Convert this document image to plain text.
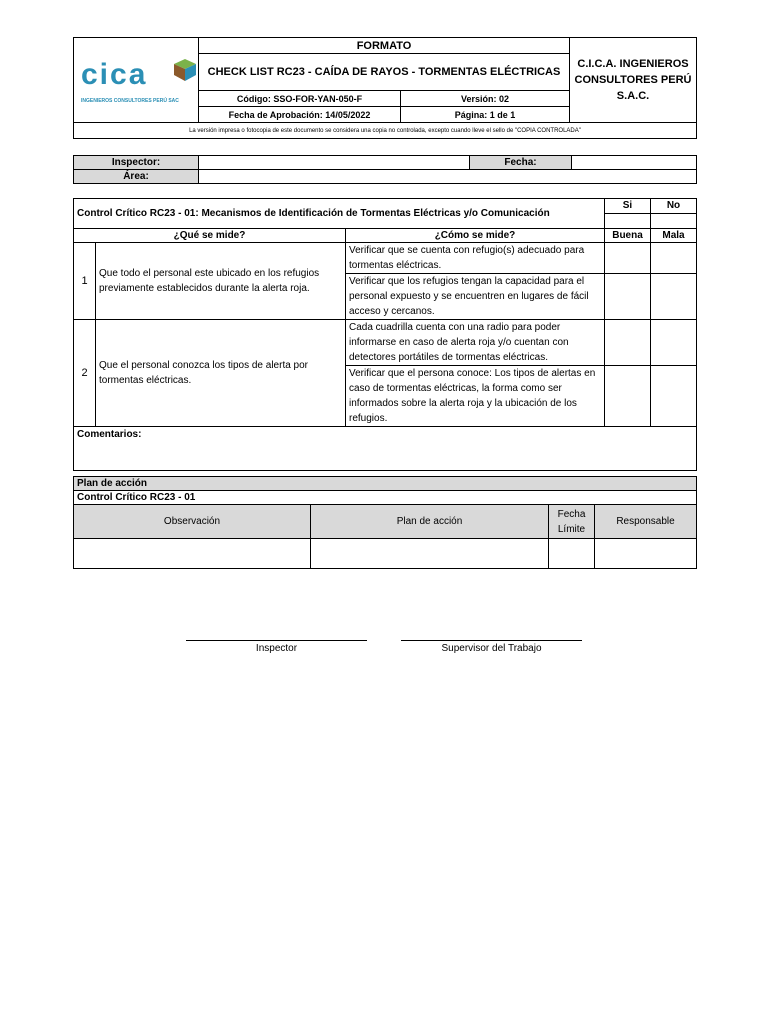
cica
INGENIEROS CONSULTORES PERÚ SAC	FORMATO		C.I.C.A. INGENIEROS CONSULTORES PERÚ S.A.C.
	CHECK LIST RC23 - CAÍDA DE RAYOS - TORMENTAS ELÉCTRICAS		
	Código: SSO-FOR-YAN-050-F	Versión: 02	
	Fecha de Aprobación: 14/05/2022	Página: 1 de 1	
La versión impresa o fotocopia de este documento se considera una copia no controlada, excepto cuando lleve el sello de "COPIA CONTROLADA"			
Inspector:		Fecha:	
Área:			
Control Crítico RC23 - 01: Mecanismos de Identificación de Tormentas Eléctricas y/o Comunicación			Si	No

¿Qué se mide?		¿Cómo se mide?	Buena	Mala
1	Que todo el personal este ubicado en los refugios previamente establecidos durante la alerta roja.	Verificar que se cuenta con refugio(s) adecuado para tormentas eléctricas.		
		Verificar que los refugios tengan la capacidad para el personal expuesto y se encuentren en lugares de fácil acceso y cercanos.		
2	Que el personal conozca los tipos de alerta por tormentas eléctricas.	Cada cuadrilla cuenta con una radio para poder informarse en caso de alerta roja y/o cuentan con detectores portátiles de tormentas eléctricas.		
		Verificar que el persona conoce: Los tipos de alertas en caso de tormentas eléctricas, la forma como ser informados sobre la alerta roja y la ubicación de los refugios.		
Comentarios:				
Plan de acción			
Control Crítico RC23 - 01			
Observación	Plan de acción	Fecha Límite	Responsable

Inspector	Supervisor del Trabajo
